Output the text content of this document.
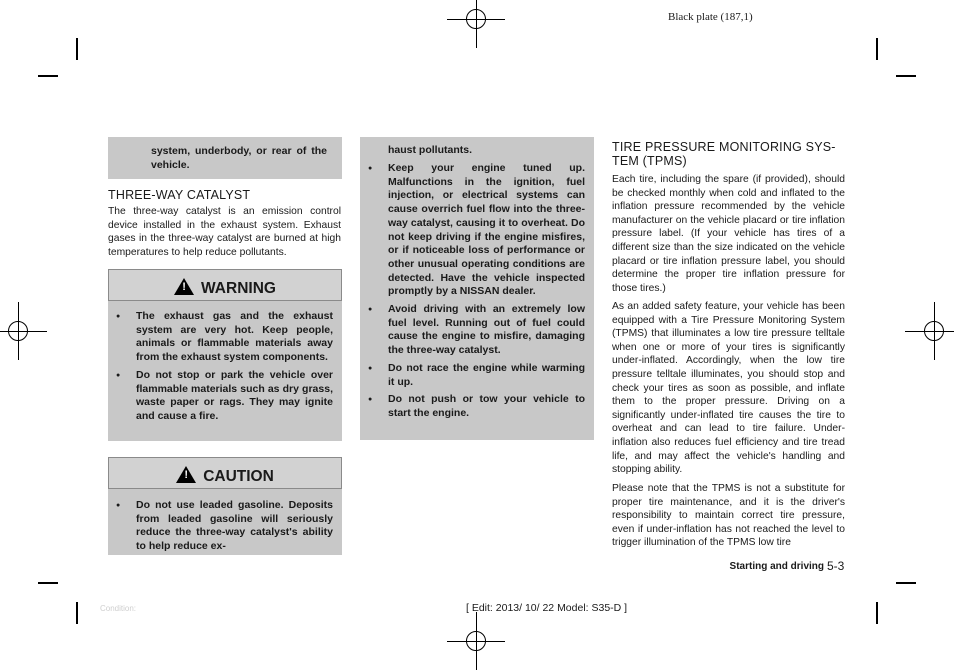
Black plate (187,1)
system, underbody, or rear of the vehicle.
THREE-WAY CATALYST

The three-way catalyst is an emission control device installed in the exhaust system. Exhaust gases in the three-way catalyst are burned at high temperatures to help reduce pollutants.

! WARNING
● The exhaust gas and the exhaust system are very hot. Keep people, animals or flammable materials away from the exhaust system components.
● Do not stop or park the vehicle over flammable materials such as dry grass, waste paper or rags. They may ignite and cause a fire.
! CAUTION
● Do not use leaded gasoline. Deposits from leaded gasoline will seriously reduce the three-way catalyst's ability to help reduce ex-
haust pollutants.
● Keep your engine tuned up. Malfunctions in the ignition, fuel injection, or electrical systems can cause overrich fuel flow into the three-way catalyst, causing it to overheat. Do not keep driving if the engine misfires, or if noticeable loss of performance or other unusual operating conditions are detected. Have the vehicle inspected promptly by a NISSAN dealer.
● Avoid driving with an extremely low fuel level. Running out of fuel could cause the engine to misfire, damaging the three-way catalyst.
● Do not race the engine while warming it up.
● Do not push or tow your vehicle to start the engine.
TIRE PRESSURE MONITORING SYS-
TEM (TPMS)

Each tire, including the spare (if provided), should be checked monthly when cold and inflated to the inflation pressure recommended by the vehicle manufacturer on the vehicle placard or tire inflation pressure label. (If your vehicle has tires of a different size than the size indicated on the vehicle placard or tire inflation pressure label, you should determine the proper tire inflation pressure for those tires.)

As an added safety feature, your vehicle has been equipped with a Tire Pressure Monitoring System (TPMS) that illuminates a low tire pressure telltale when one or more of your tires is significantly under-inflated. Accordingly, when the low tire pressure telltale illuminates, you should stop and check your tires as soon as possible, and inflate them to the proper pressure. Driving on a significantly under-inflated tire causes the tire to overheat and can lead to tire failure. Under-inflation also reduces fuel efficiency and tire tread life, and may affect the vehicle's handling and stopping ability.

Please note that the TPMS is not a substitute for proper tire maintenance, and it is the driver's responsibility to maintain correct tire pressure, even if under-inflation has not reached the level to trigger illumination of the TPMS low tire

Starting and driving 5-3
Condition:	[ Edit: 2013/ 10/ 22 Model: S35-D ]
